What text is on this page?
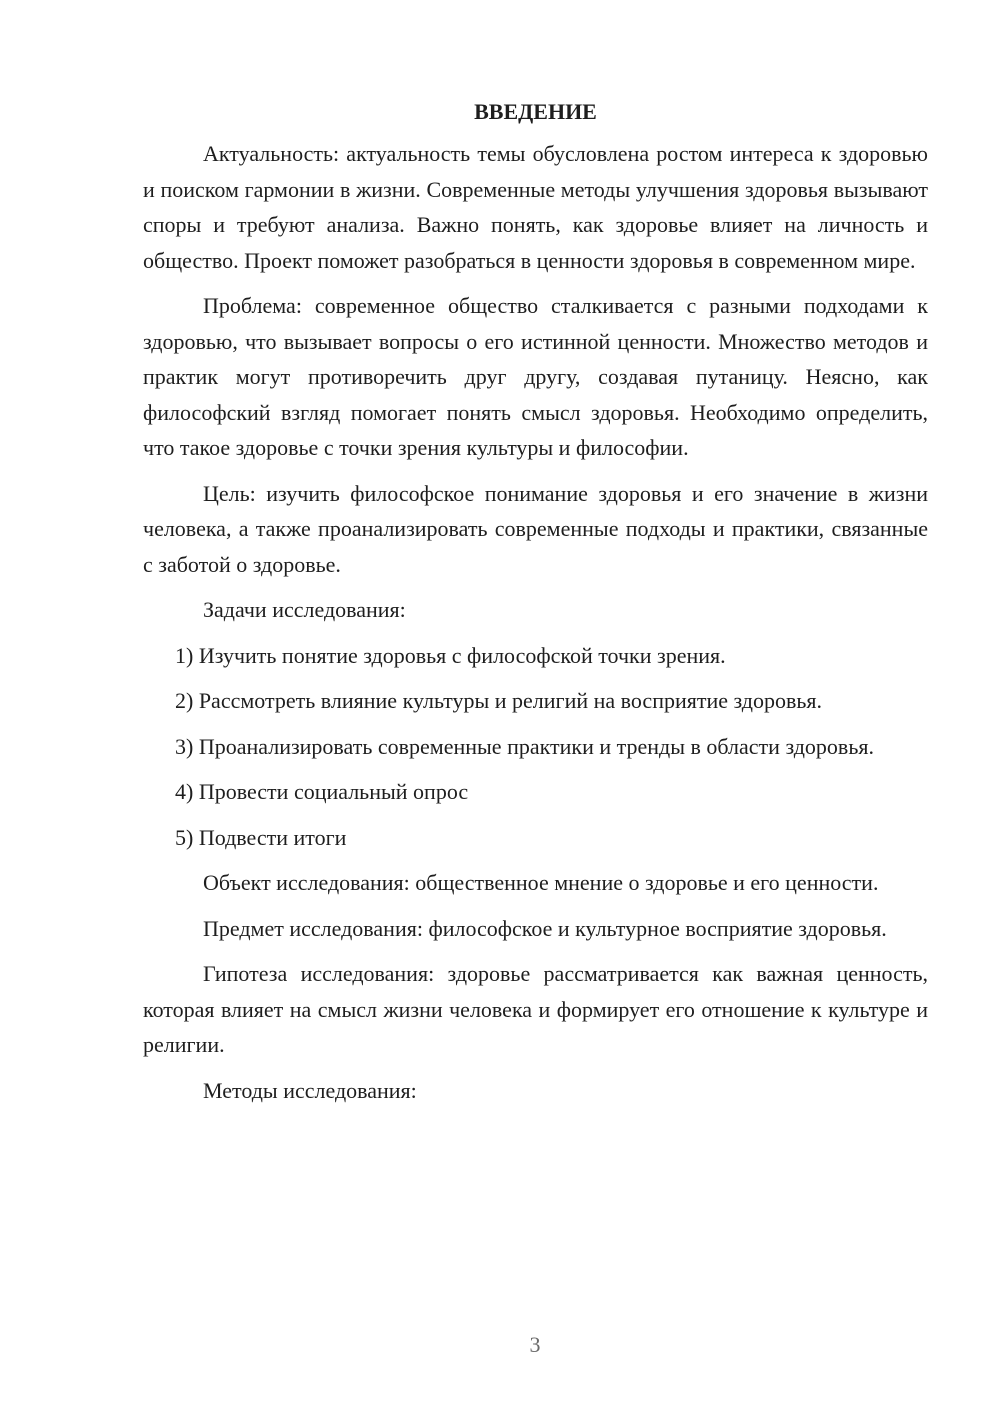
ВВЕДЕНИЕ

Актуальность: актуальность темы обусловлена ростом интереса к здоровью и поиском гармонии в жизни. Современные методы улучшения здоровья вызывают споры и требуют анализа. Важно понять, как здоровье влияет на личность и общество. Проект поможет разобраться в ценности здоровья в современном мире.

Проблема: современное общество сталкивается с разными подходами к здоровью, что вызывает вопросы о его истинной ценности. Множество методов и практик могут противоречить друг другу, создавая путаницу. Неясно, как философский взгляд помогает понять смысл здоровья. Необходимо определить, что такое здоровье с точки зрения культуры и философии.

Цель: изучить философское понимание здоровья и его значение в жизни человека, а также проанализировать современные подходы и практики, связанные с заботой о здоровье.

Задачи исследования:

1) Изучить понятие здоровья с философской точки зрения.

2) Рассмотреть влияние культуры и религий на восприятие здоровья.

3) Проанализировать современные практики и тренды в области здоровья.

4) Провести социальный опрос

5) Подвести итоги

Объект исследования: общественное мнение о здоровье и его ценности.

Предмет исследования: философское и культурное восприятие здоровья.

Гипотеза исследования: здоровье рассматривается как важная ценность, которая влияет на смысл жизни человека и формирует его отношение к культуре и религии.

Методы исследования:

3
